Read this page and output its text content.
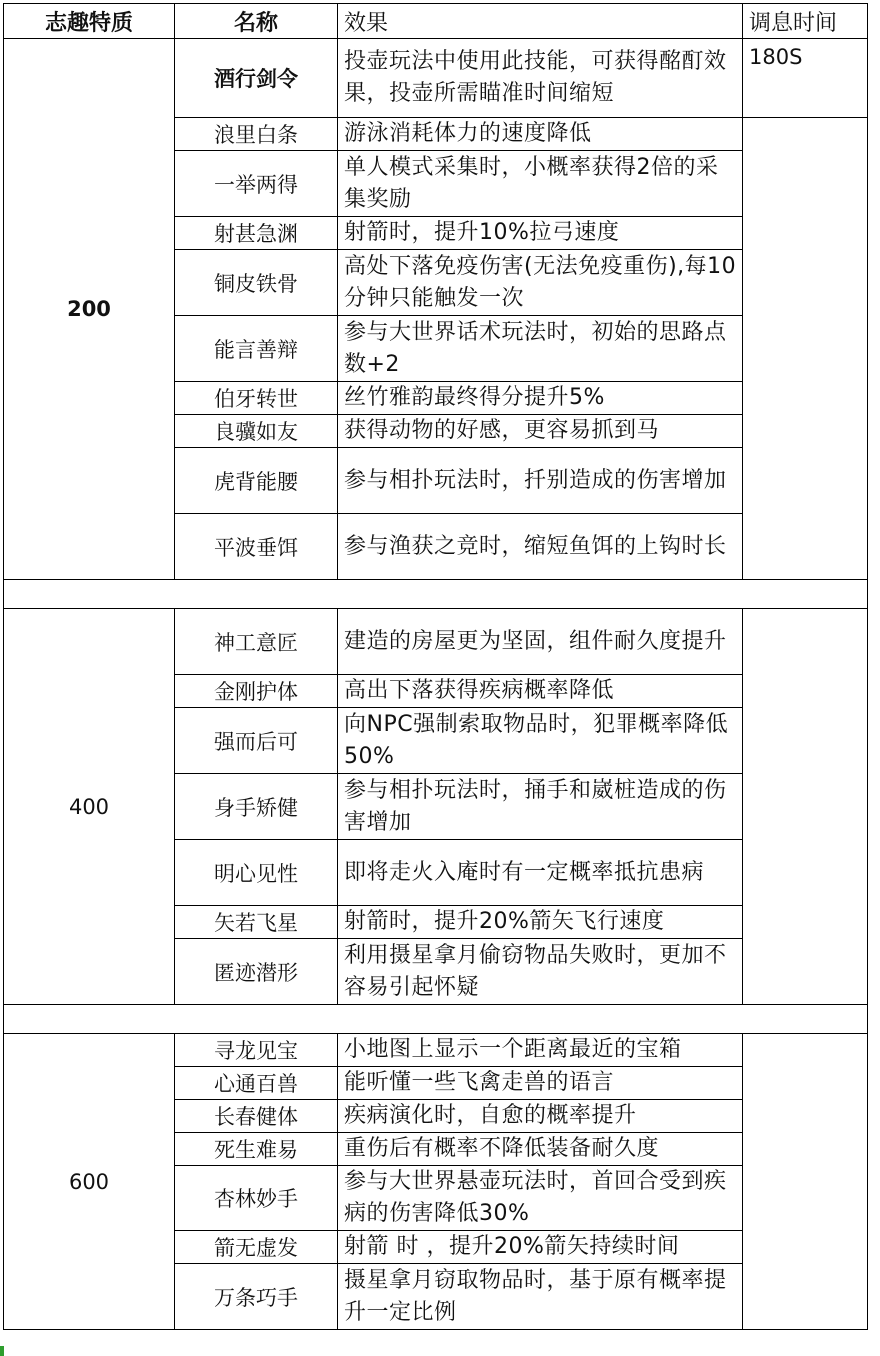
志趣特质	名称	效果	调息时间
200	酒行剑令	投壶玩法中使用此技能，可获得酩酊效果，投壶所需瞄准时间缩短	180S
	浪里白条	游泳消耗体力的速度降低	
	一举两得	单人模式采集时，小概率获得2倍的采集奖励	
	射甚急渊	射箭时，提升10%拉弓速度	
	铜皮铁骨	高处下落免疫伤害(无法免疫重伤),每10分钟只能触发一次	
	能言善辩	参与大世界话术玩法时，初始的思路点数+2	
	伯牙转世	丝竹雅韵最终得分提升5%	
	良骥如友	获得动物的好感，更容易抓到马	
	虎背能腰	参与相扑玩法时，扦别造成的伤害增加	
	平波垂饵	参与渔获之竞时，缩短鱼饵的上钩时长	

400	神工意匠	建造的房屋更为坚固，组件耐久度提升	
	金刚护体	高出下落获得疾病概率降低	
	强而后可	向NPC强制索取物品时，犯罪概率降低50%	
	身手矫健	参与相扑玩法时，捅手和崴桩造成的伤害增加	
	明心见性	即将走火入庵时有一定概率抵抗患病	
	矢若飞星	射箭时，提升20%箭矢飞行速度	
	匿迹潜形	利用摄星拿月偷窃物品失败时，更加不容易引起怀疑	

600	寻龙见宝	小地图上显示一个距离最近的宝箱	
	心通百兽	能听懂一些飞禽走兽的语言	
	长春健体	疾病演化时，自愈的概率提升	
	死生难易	重伤后有概率不降低装备耐久度	
	杏林妙手	参与大世界悬壶玩法时，首回合受到疾病的伤害降低30%	
	箭无虚发	射箭 时 ，提升20%箭矢持续时间	
	万条巧手	摄星拿月窃取物品时，基于原有概率提升一定比例	
